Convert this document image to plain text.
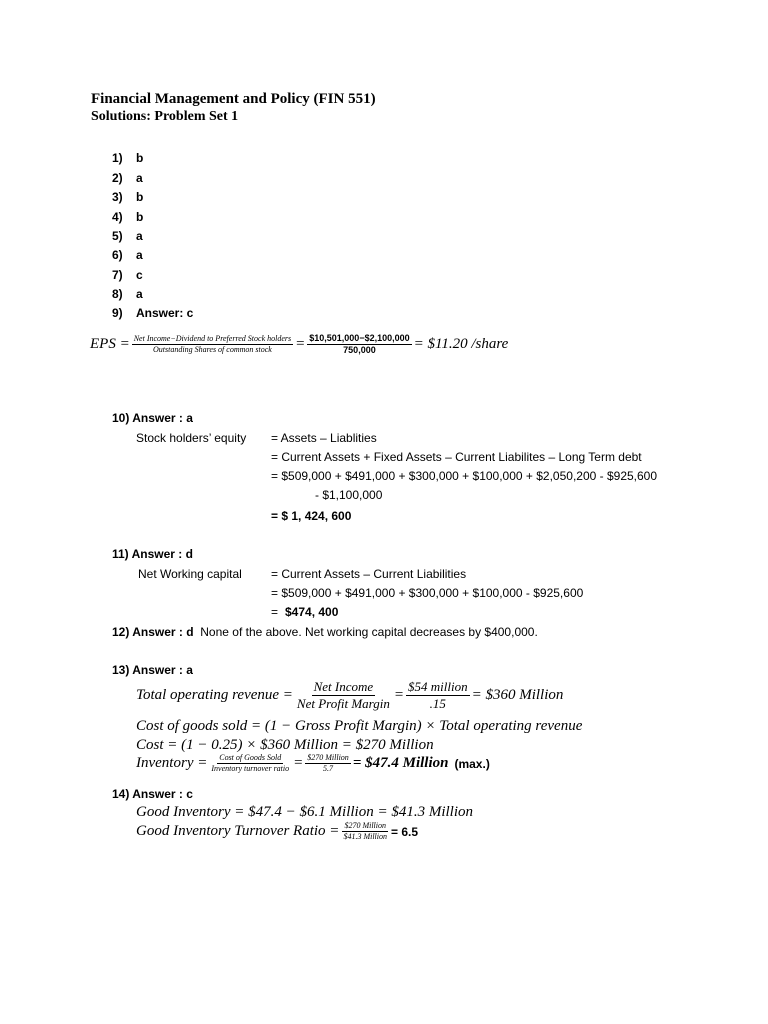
Financial Management and Policy (FIN 551)
Solutions: Problem Set 1
1) b
2) a
3) b
4) b
5) a
6) a
7) c
8) a
9) Answer: c
EPS = $\frac{\text{Net Income−Dividend to Preferred Stock holders}}{\text{Outstanding Shares of common stock}} = \frac{\$10,501,000-\$2,100,000}{750,000}$ = $11.20 /share
10) Answer : a
Stock holders’ equity = Assets – Liablities
= Current Assets + Fixed Assets – Current Liabilites – Long Term debt
= $509,000 + $491,000 + $300,000 + $100,000 + $2,050,200 - $925,600
- $1,100,000
= $ 1, 424, 600
11) Answer : d
Net Working capital = Current Assets – Current Liabilities
= $509,000 + $491,000 + $300,000 + $100,000 - $925,600
= $474, 400
12) Answer : d None of the above. Net working capital decreases by $400,000.
13) Answer : a
Total operating revenue = $\frac{\text{Net Income}}{\text{Net Profit Margin}} = \frac{\text{\$54 million}}{.15}$ = $360 Million
Cost of goods sold = (1 − Gross Profit Margin) × Total operating revenue
Cost = (1 − 0.25) × $360 Million = $270 Million
Inventory = $\frac{\text{Cost of Goods Sold}}{\text{Inventory turnover ratio}} = \frac{\text{\$270 Million}}{5.7}$ = $47.4 Million (max.)
14) Answer : c
Good Inventory = $47.4 − $6.1 Million = $41.3 Million
Good Inventory Turnover Ratio = $\frac{\text{\$270 Million}}{\text{\$41.3 Million}} = 6.5$
